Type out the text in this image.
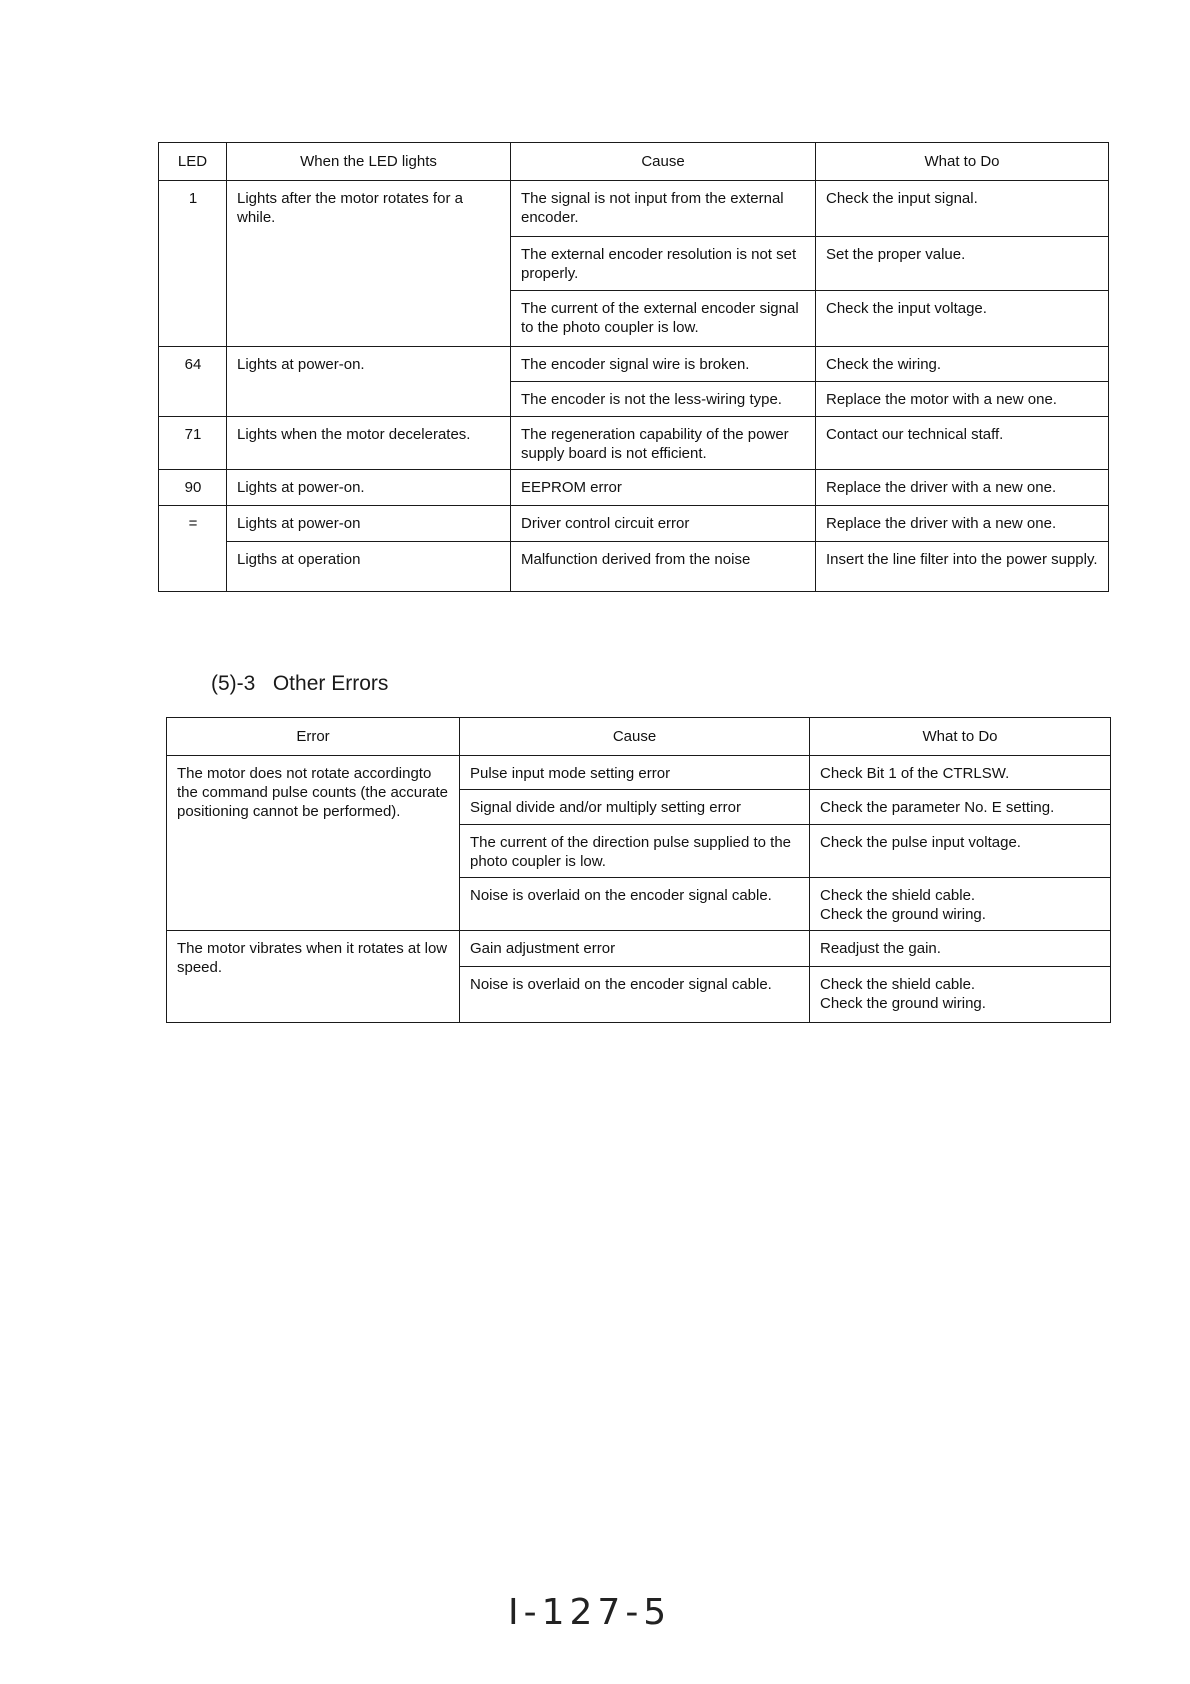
LED	When the LED lights	Cause	What to Do

1	Lights after the motor rotates for a while.	The signal is not input from the external encoder.	Check the input signal.

		The external encoder resolution is not set properly.	Set the proper value.

		The current of the external encoder signal to the photo coupler is low.	Check the input voltage.

64	Lights at power-on.	The encoder signal wire is broken.	Check the wiring.

		The encoder is not the less-wiring type.	Replace the motor with a new one.

71	Lights when the motor decelerates.	The regeneration capability of the power supply board is not efficient.	Contact our technical staff.

90	Lights at power-on.	EEPROM error	Replace the driver with a new one.

=	Lights at power-on	Driver control circuit error	Replace the driver with a new one.

	Ligths at operation	Malfunction derived from the noise	Insert the line filter into the power supply.
(5)-3   Other Errors
Error	Cause	What to Do

The motor does not rotate accordingto the command pulse counts (the accurate positioning cannot be performed).	Pulse input mode setting error	Check Bit 1 of the CTRLSW.

	Signal divide and/or multiply setting error	Check the parameter No. E setting.

	The current of the direction pulse supplied to the photo coupler is low.	Check the pulse input voltage.

	Noise is overlaid on the encoder signal cable.	Check the shield cable.
Check the ground wiring.

The motor vibrates when it rotates at low speed.	Gain adjustment error	Readjust the gain.

	Noise is overlaid on the encoder signal cable.	Check the shield cable.
Check the ground wiring.
I-127-5
